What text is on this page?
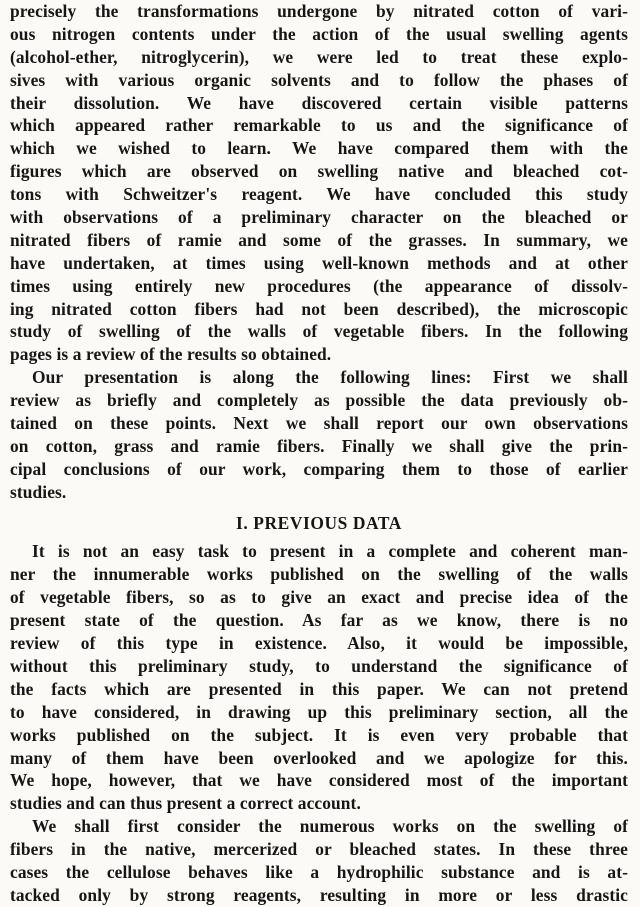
precisely the transformations undergone by nitrated cotton of vari-
ous nitrogen contents under the action of the usual swelling agents
(alcohol-ether, nitroglycerin), we were led to treat these explo-
sives with various organic solvents and to follow the phases of
their dissolution. We have discovered certain visible patterns
which appeared rather remarkable to us and the significance of
which we wished to learn. We have compared them with the
figures which are observed on swelling native and bleached cot-
tons with Schweitzer's reagent. We have concluded this study
with observations of a preliminary character on the bleached or
nitrated fibers of ramie and some of the grasses. In summary, we
have undertaken, at times using well-known methods and at other
times using entirely new procedures (the appearance of dissolv-
ing nitrated cotton fibers had not been described), the microscopic
study of swelling of the walls of vegetable fibers. In the following
pages is a review of the results so obtained.
Our presentation is along the following lines: First we shall
review as briefly and completely as possible the data previously ob-
tained on these points. Next we shall report our own observations
on cotton, grass and ramie fibers. Finally we shall give the prin-
cipal conclusions of our work, comparing them to those of earlier
studies.
I. PREVIOUS DATA
It is not an easy task to present in a complete and coherent man-
ner the innumerable works published on the swelling of the walls
of vegetable fibers, so as to give an exact and precise idea of the
present state of the question. As far as we know, there is no
review of this type in existence. Also, it would be impossible,
without this preliminary study, to understand the significance of
the facts which are presented in this paper. We can not pretend
to have considered, in drawing up this preliminary section, all the
works published on the subject. It is even very probable that
many of them have been overlooked and we apologize for this.
We hope, however, that we have considered most of the important
studies and can thus present a correct account.
We shall first consider the numerous works on the swelling of
fibers in the native, mercerized or bleached states. In these three
cases the cellulose behaves like a hydrophilic substance and is at-
tacked only by strong reagents, resulting in more or less drastic
